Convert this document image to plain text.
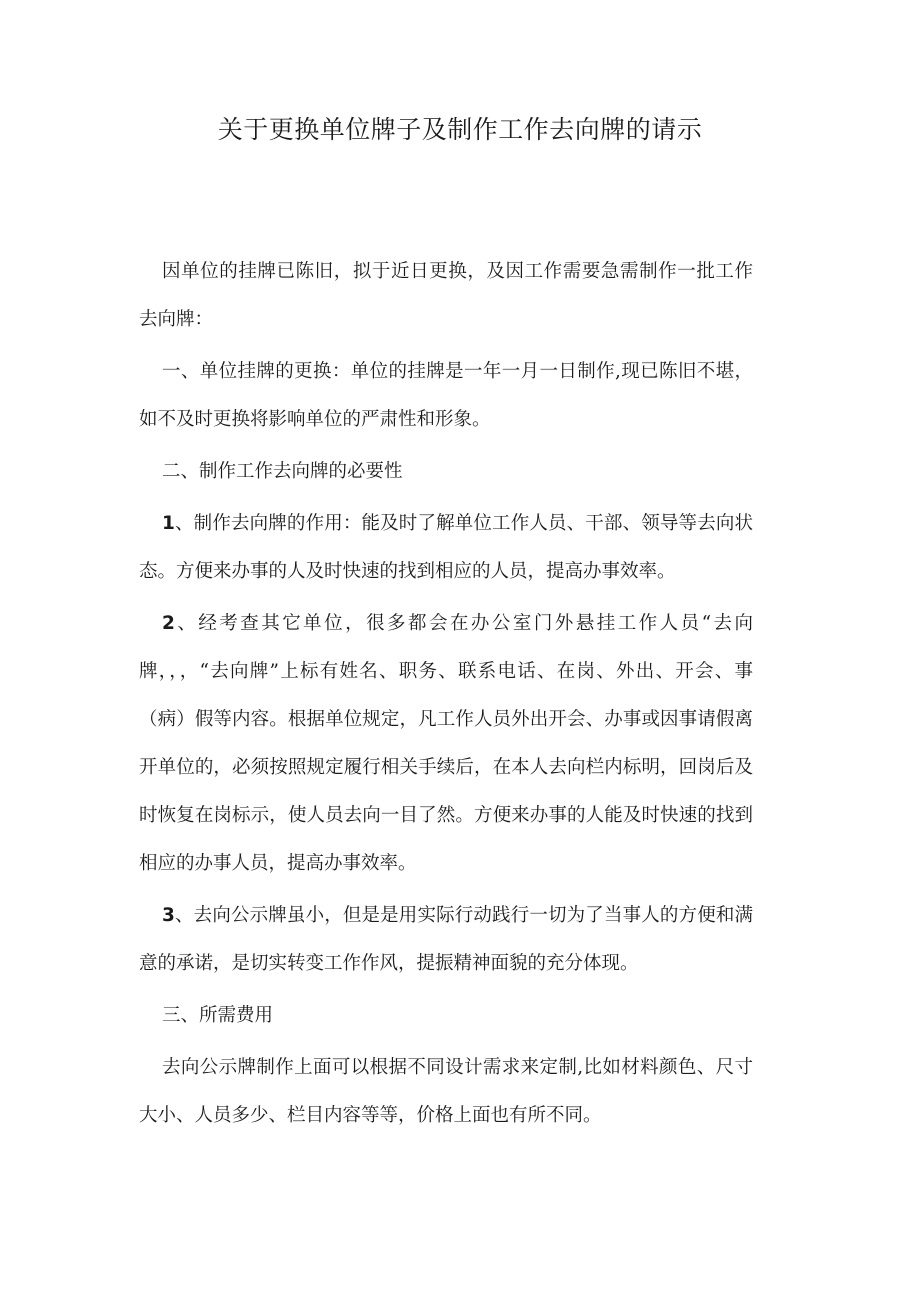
关于更换单位牌子及制作工作去向牌的请示

因单位的挂牌已陈旧，拟于近日更换，及因工作需要急需制作一批工作去向牌：

一、单位挂牌的更换：单位的挂牌是一年一月一日制作,现已陈旧不堪，如不及时更换将影响单位的严肃性和形象。

二、制作工作去向牌的必要性

1、制作去向牌的作用：能及时了解单位工作人员、干部、领导等去向状态。方便来办事的人及时快速的找到相应的人员，提高办事效率。

2、经考查其它单位，很多都会在办公室门外悬挂工作人员“去向牌，，，“去向牌”上标有姓名、职务、联系电话、在岗、外出、开会、事（病）假等内容。根据单位规定，凡工作人员外出开会、办事或因事请假离开单位的，必须按照规定履行相关手续后，在本人去向栏内标明，回岗后及时恢复在岗标示，使人员去向一目了然。方便来办事的人能及时快速的找到相应的办事人员，提高办事效率。

3、去向公示牌虽小，但是是用实际行动践行一切为了当事人的方便和满意的承诺，是切实转变工作作风，提振精神面貌的充分体现。

三、所需费用

去向公示牌制作上面可以根据不同设计需求来定制,比如材料颜色、尺寸大小、人员多少、栏目内容等等，价格上面也有所不同。
